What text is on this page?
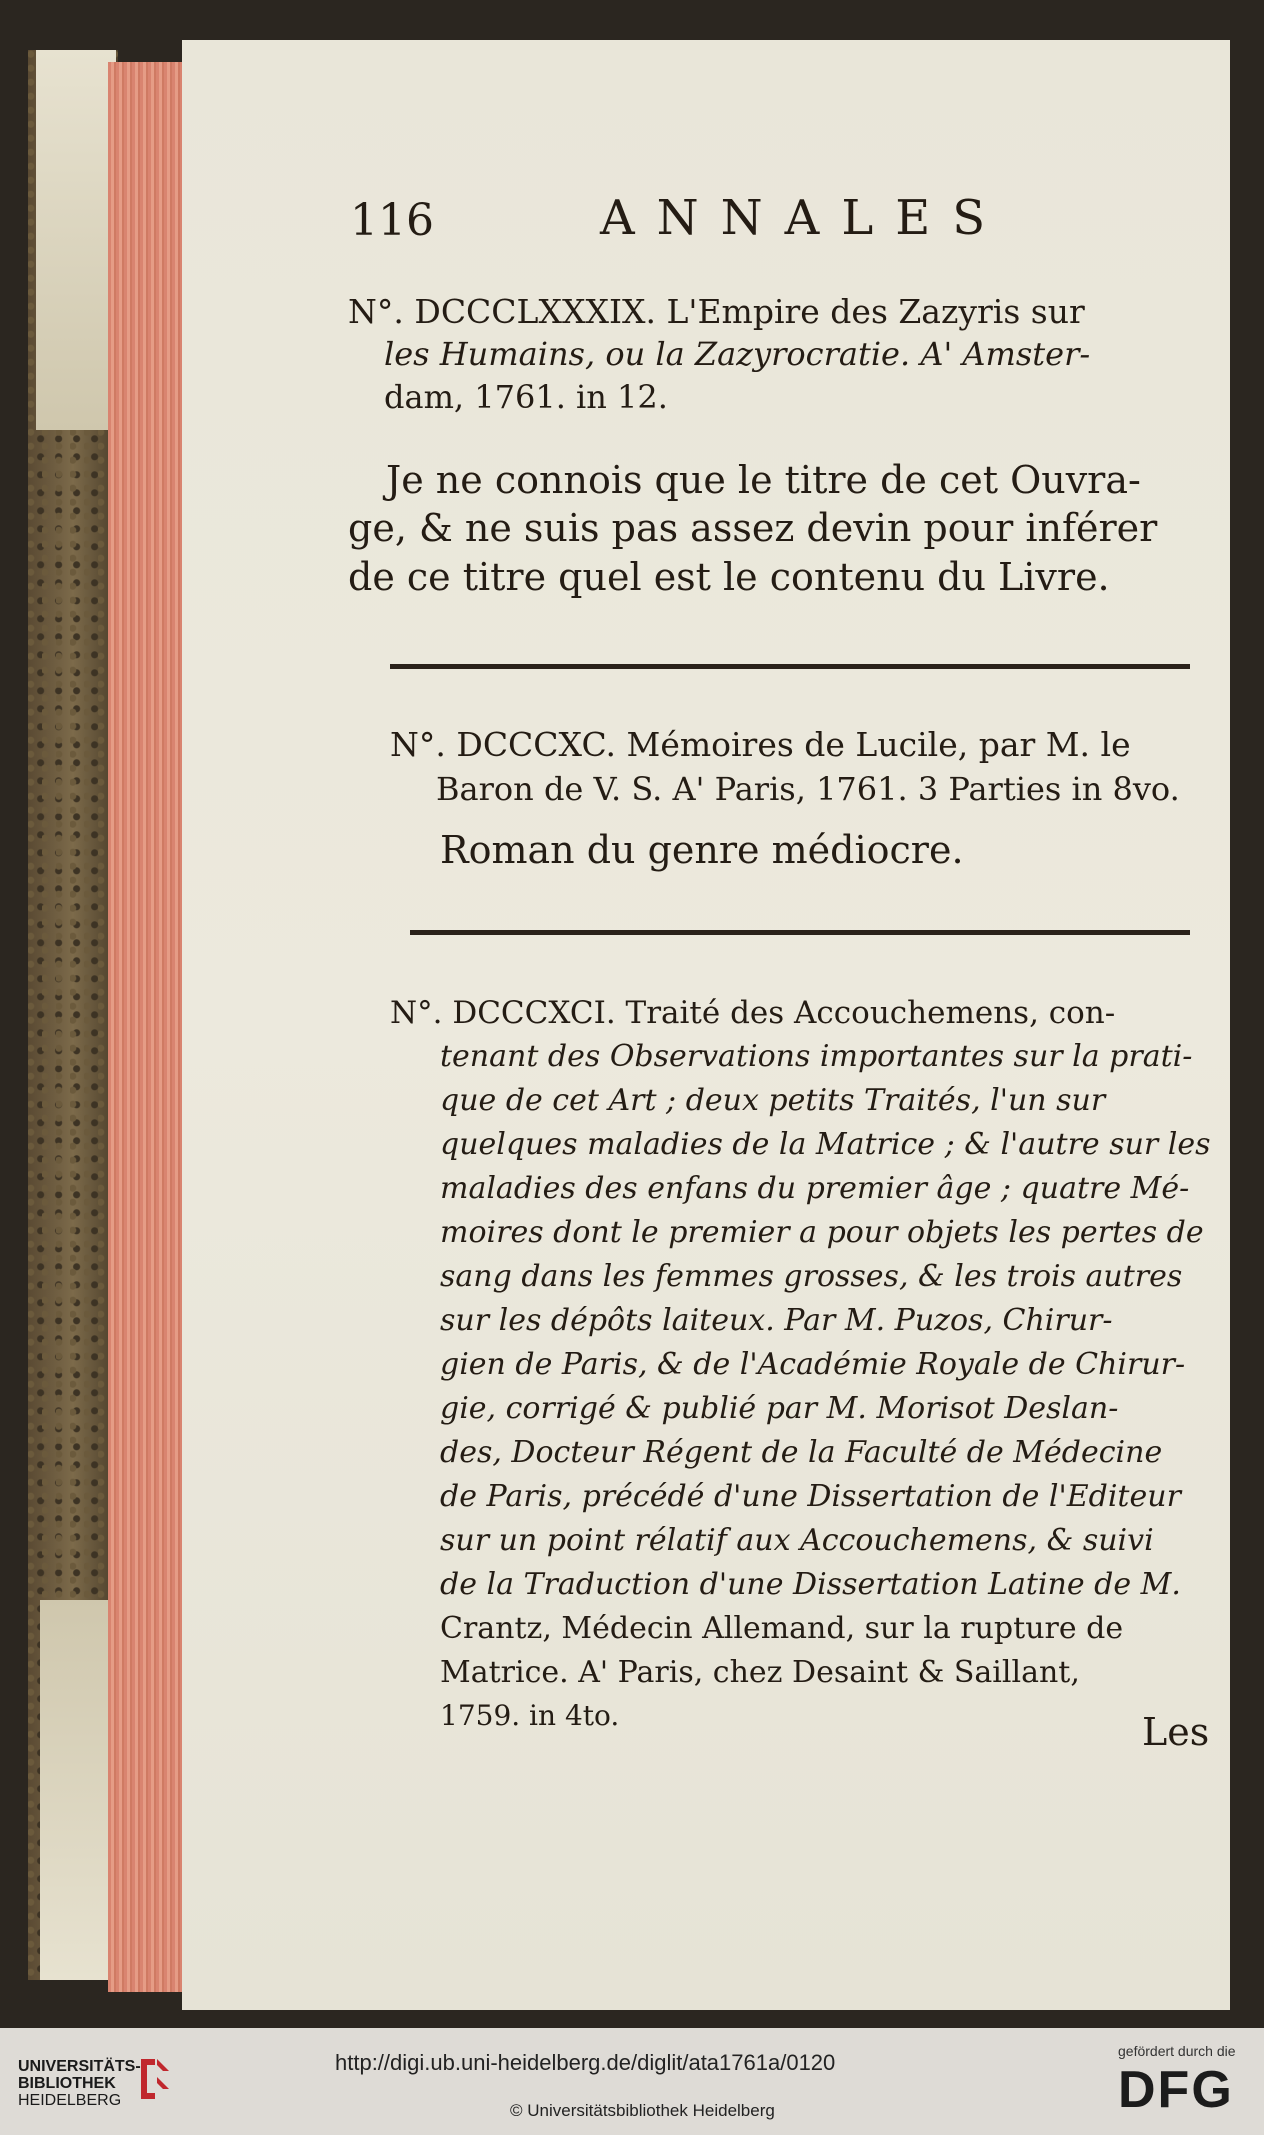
116	ANNALES
N°. DCCCLXXXIX. L'Empire des Zazyris sur
les Humains, ou la Zazyrocratie. A' Amster-
dam, 1761. in 12.
Je ne connois que le titre de cet Ouvra-
ge, & ne suis pas assez devin pour inférer
de ce titre quel est le contenu du Livre.
N°. DCCCXC. Mémoires de Lucile, par M. le
Baron de V. S. A' Paris, 1761. 3 Parties in 8vo.
Roman du genre médiocre.
N°. DCCCXCI. Traité des Accouchemens, con-
tenant des Observations importantes sur la prati-
que de cet Art ; deux petits Traités, l'un sur
quelques maladies de la Matrice ; & l'autre sur les
maladies des enfans du premier âge ; quatre Mé-
moires dont le premier a pour objets les pertes de
sang dans les femmes grosses, & les trois autres
sur les dépôts laiteux. Par M. Puzos, Chirur-
gien de Paris, & de l'Académie Royale de Chirur-
gie, corrigé & publié par M. Morisot Deslan-
des, Docteur Régent de la Faculté de Médecine
de Paris, précédé d'une Dissertation de l'Editeur
sur un point rélatif aux Accouchemens, & suivi
de la Traduction d'une Dissertation Latine de M.
Crantz, Médecin Allemand, sur la rupture de
Matrice. A' Paris, chez Desaint & Saillant,
1759. in 4to.	Les
UNIVERSITÄTS-
BIBLIOTHEK
HEIDELBERG
http://digi.ub.uni-heidelberg.de/diglit/ata1761a/0120
© Universitätsbibliothek Heidelberg
gefördert durch die
DFG
